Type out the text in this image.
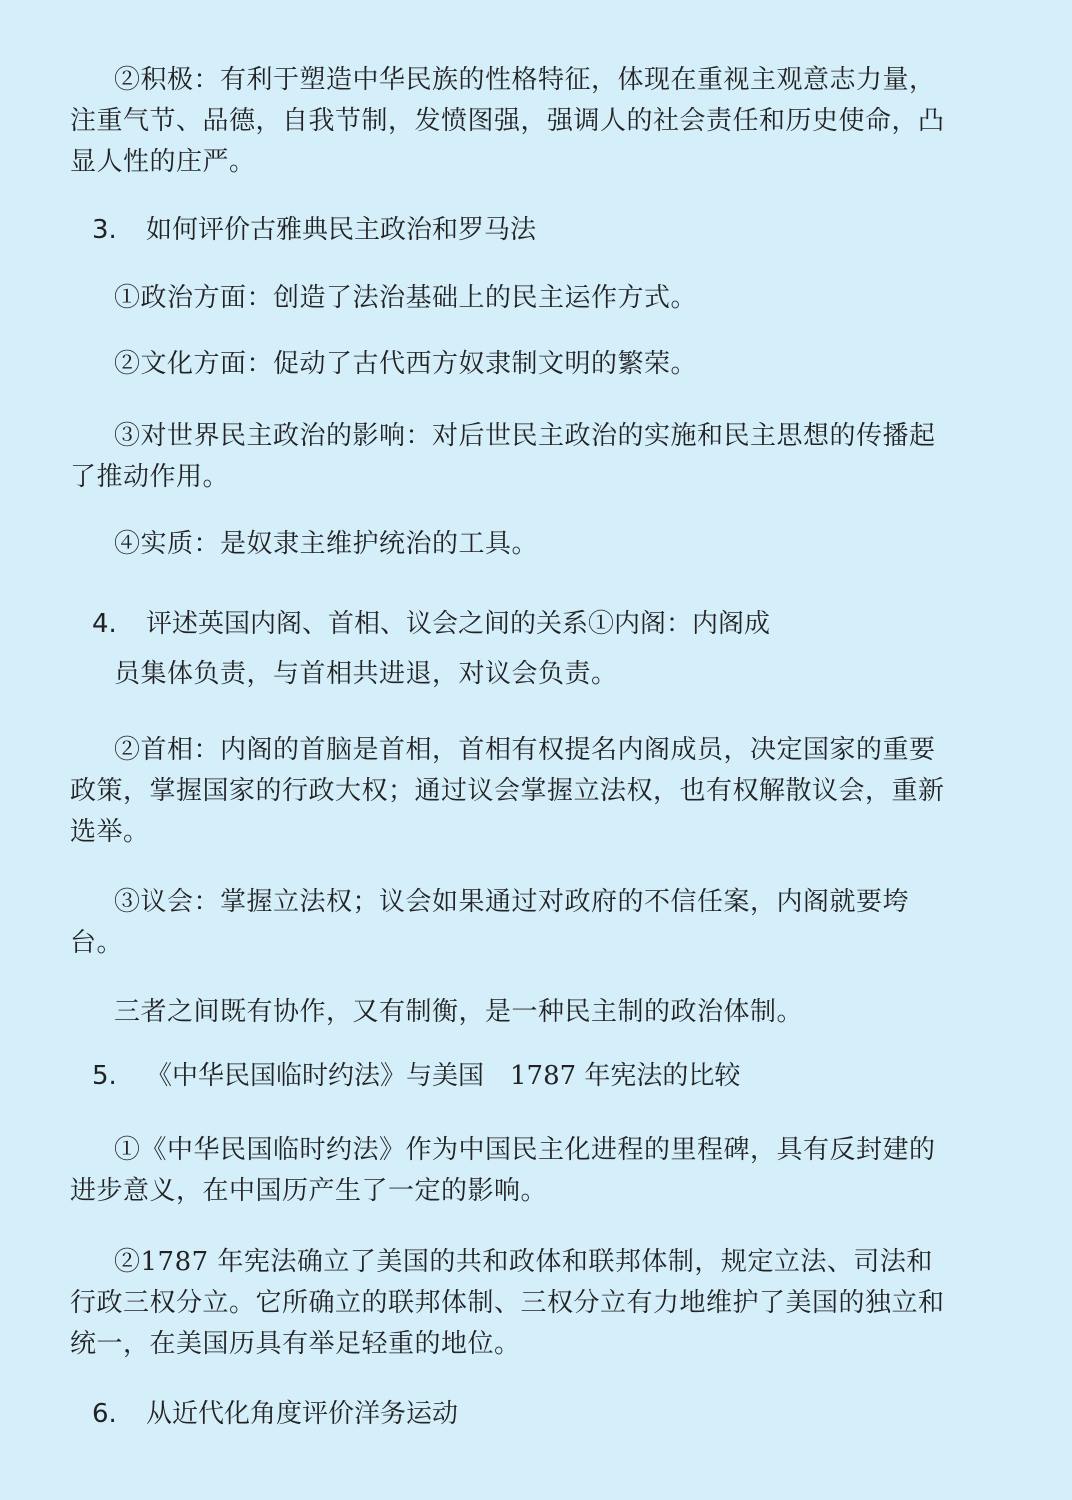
②积极：有利于塑造中华民族的性格特征，体现在重视主观意志力量，注重气节、品德，自我节制，发愤图强，强调人的社会责任和历史使命，凸显人性的庄严。

3. 如何评价古雅典民主政治和罗马法

①政治方面：创造了法治基础上的民主运作方式。

②文化方面：促动了古代西方奴隶制文明的繁荣。

③对世界民主政治的影响：对后世民主政治的实施和民主思想的传播起了推动作用。

④实质：是奴隶主维护统治的工具。

4. 评述英国内阁、首相、议会之间的关系①内阁：内阁成

员集体负责，与首相共进退，对议会负责。

②首相：内阁的首脑是首相，首相有权提名内阁成员，决定国家的重要政策，掌握国家的行政大权；通过议会掌握立法权，也有权解散议会，重新选举。

③议会：掌握立法权；议会如果通过对政府的不信任案，内阁就要垮台。

三者之间既有协作，又有制衡，是一种民主制的政治体制。

5. 《中华民国临时约法》与美国　1787 年宪法的比较

①《中华民国临时约法》作为中国民主化进程的里程碑，具有反封建的进步意义，在中国历产生了一定的影响。

②1787 年宪法确立了美国的共和政体和联邦体制，规定立法、司法和行政三权分立。它所确立的联邦体制、三权分立有力地维护了美国的独立和统一，在美国历具有举足轻重的地位。

6. 从近代化角度评价洋务运动
